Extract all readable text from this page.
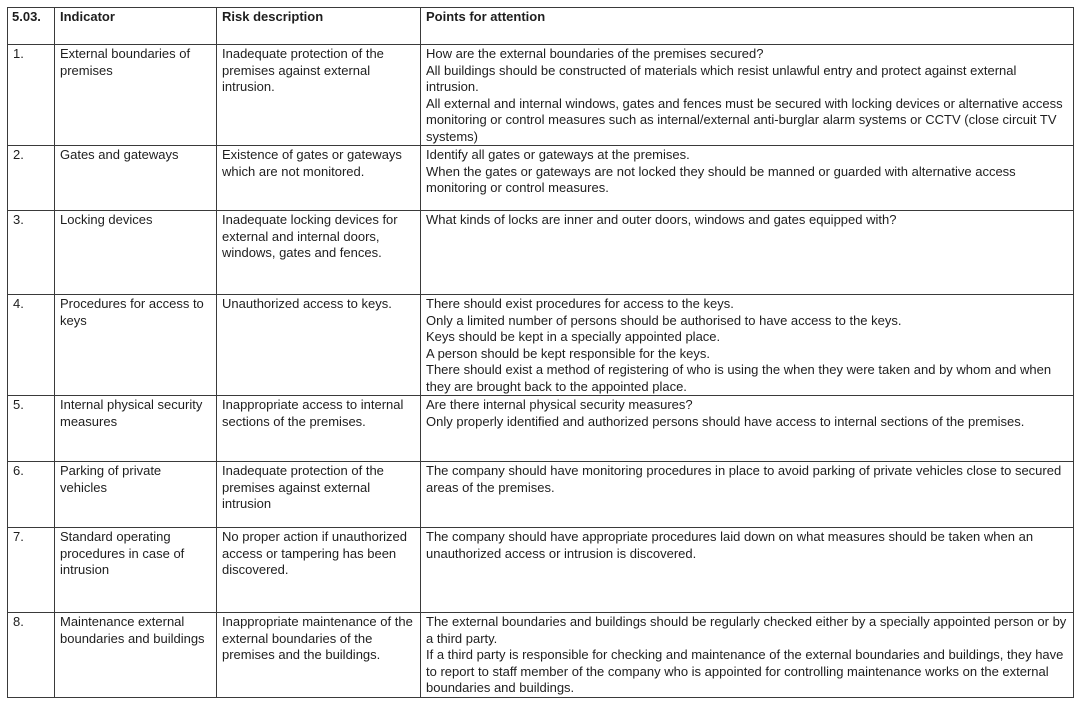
5.03.	Indicator	Risk description	Points for attention
1.	External boundaries of premises	Inadequate protection of the premises against external intrusion.	How are the external boundaries of the premises secured?
All buildings should be constructed of materials which resist unlawful entry and protect against external intrusion.
All external and internal windows, gates and fences must be secured with locking devices or alternative access monitoring or control measures such as internal/external anti-burglar alarm systems or CCTV (close circuit TV systems)

2.	Gates and gateways	Existence of gates or gateways which are not monitored.	Identify all gates or gateways at the premises.
When the gates or gateways are not locked they should be manned or guarded with alternative access monitoring or control measures.

3.	Locking devices	Inadequate locking devices for external and internal doors, windows, gates and fences.	What kinds of locks are inner and outer doors, windows and gates equipped with?

4.	Procedures for access to keys	Unauthorized access to keys.	There should exist procedures for access to the keys.
Only a limited number of persons should be authorised to have access to the keys.
Keys should be kept in a specially appointed place.
A person should be kept responsible for the keys.
There should exist a method of registering of who is using the when they were taken and by whom and when they are brought back to the appointed place.

5.	Internal physical security measures	Inappropriate access to internal sections of the premises.	Are there internal physical security measures?
Only properly identified and authorized persons should have access to internal sections of the premises.

6.	Parking of private vehicles	Inadequate protection of the premises against external intrusion	The company should have monitoring procedures in place to avoid parking of private vehicles close to secured areas of the premises.

7.	Standard operating procedures in case of intrusion	No proper action if unauthorized access or tampering has been discovered.	The company should have appropriate procedures laid down on what measures should be taken when an unauthorized access or intrusion is discovered.

8.	Maintenance external boundaries and buildings	Inappropriate maintenance of the external boundaries of the premises and the buildings.	The external boundaries and buildings should be regularly checked either by a specially appointed person or by a third party.
If a third party is responsible for checking and maintenance of the external boundaries and buildings, they have to report to staff member of the company who is appointed for controlling maintenance works on the external boundaries and buildings.
